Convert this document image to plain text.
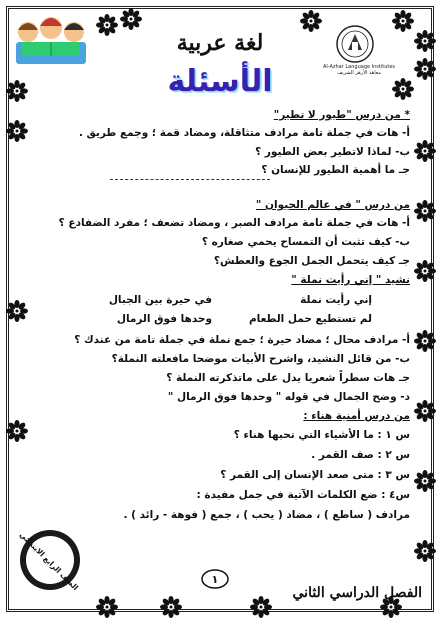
لغة عربية
الأسئلة	Al-Azhar Language Institutes
معاهد الأزهر الشريف
* من درس "طيور لا تطير"
أ- هات في جملة تامة مرادف متثاقلة، ومضاد قمة ؛ وجمع طريق .
ب- لماذا لاتطير بعض الطيور ؟
جـ ما أهمية الطيور للإنسان ؟
من درس " في عالم الحيوان "
أ- هات في جملة تامة مرادف الصبر ، ومضاد تضعف ؛ مفرد الضفادع ؟
ب- كيف تثبت أن التمساح يحمي صغاره ؟
جـ كيف يتحمل الجمل الجوع والعطش؟
نشيد " إني رأيت نملة "
إني رأيت نملة
في حيرة بين الجبال
لم تستطيع حمل الطعام
وحدها فوق الرمال
أ- مرادف محال ؛ مضاد حيرة ؛ جمع نملة في جملة تامة من عندك ؟
ب- من قائل النشيد، واشرح الأبيات موضحا مافعلته النملة؟
جـ هات سطراً شعريا يدل على ماتذكرته النملة ؟
د- وضح الجمال في قوله " وحدها فوق الرمال "
من درس أمنية هناء :
س ١ : ما الأشياء التي تحبها هناء ؟
س ٢ : صف القمر .
س ٣ : متى صعد الإنسان إلى القمر ؟
س٤ : ضع الكلمات الآتية في جمل مفيدة :
مرادف ( ساطع ) ، مضاد ( يحب ) ، جمع ( فوهة - رائد ) .
الصف الرابع الابتدائي	١
الفصل الدراسي الثاني
